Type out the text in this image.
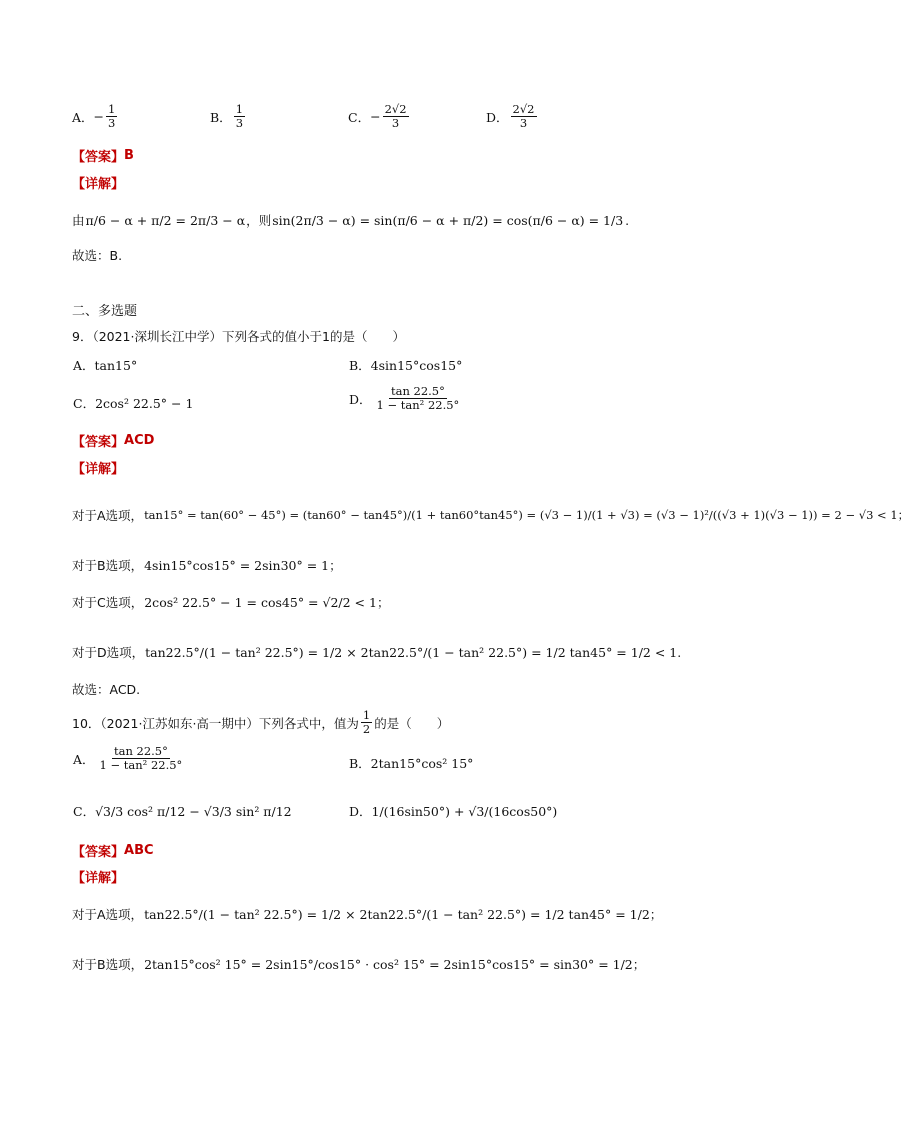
A． − $\frac{1}{3}$	B． $\frac{1}{3}$	C． − $\frac{2√2}{3}$	D． $\frac{2√2}{3}$
【答案】 B
【详解】
由 π/6 − α + π/2 = 2π/3 − α ，则 sin(2π/3 − α) = sin(π/6 − α + π/2) = cos(π/6 − α) = 1/3 .
故选：B.
二、多选题
9．（2021·深圳长江中学）下列各式的值小于1的是（　　）
A．tan15°	B．4sin15°cos15°
C．2cos² 22.5° − 1	D． $\frac{\tan 22.5^\circ}{\text{1 − tan² 22.5°}}$
【答案】 ACD
【详解】
对于A选项， tan15° = tan(60° − 45°) = (tan60° − tan45°)/(1 + tan60°tan45°) = (√3 − 1)/(1 + √3) = (√3 − 1)²/((√3 + 1)(√3 − 1)) = 2 − √3 < 1；
对于B选项， 4sin15°cos15° = 2sin30° = 1；
对于C选项， 2cos² 22.5° − 1 = cos45° = √2/2 < 1；
对于D选项， tan22.5°/(1 − tan² 22.5°) = 1/2 × 2tan22.5°/(1 − tan² 22.5°) = 1/2 tan45° = 1/2 < 1.
故选：ACD.
10．（2021·江苏如东·高一期中）下列各式中，值为 $\frac{1}{2}$ 的是（　　）
A． $\frac{\tan 22.5^\circ}{\text{1 − tan² 22.5°}}$	B．2tan15°cos² 15°
C．√3/3 cos² π/12 − √3/3 sin² π/12	D．1/(16sin50°) + √3/(16cos50°)
【答案】 ABC
【详解】
对于A选项， tan22.5°/(1 − tan² 22.5°) = 1/2 × 2tan22.5°/(1 − tan² 22.5°) = 1/2 tan45° = 1/2；
对于B选项， 2tan15°cos² 15° = 2sin15°/cos15° · cos² 15° = 2sin15°cos15° = sin30° = 1/2；
